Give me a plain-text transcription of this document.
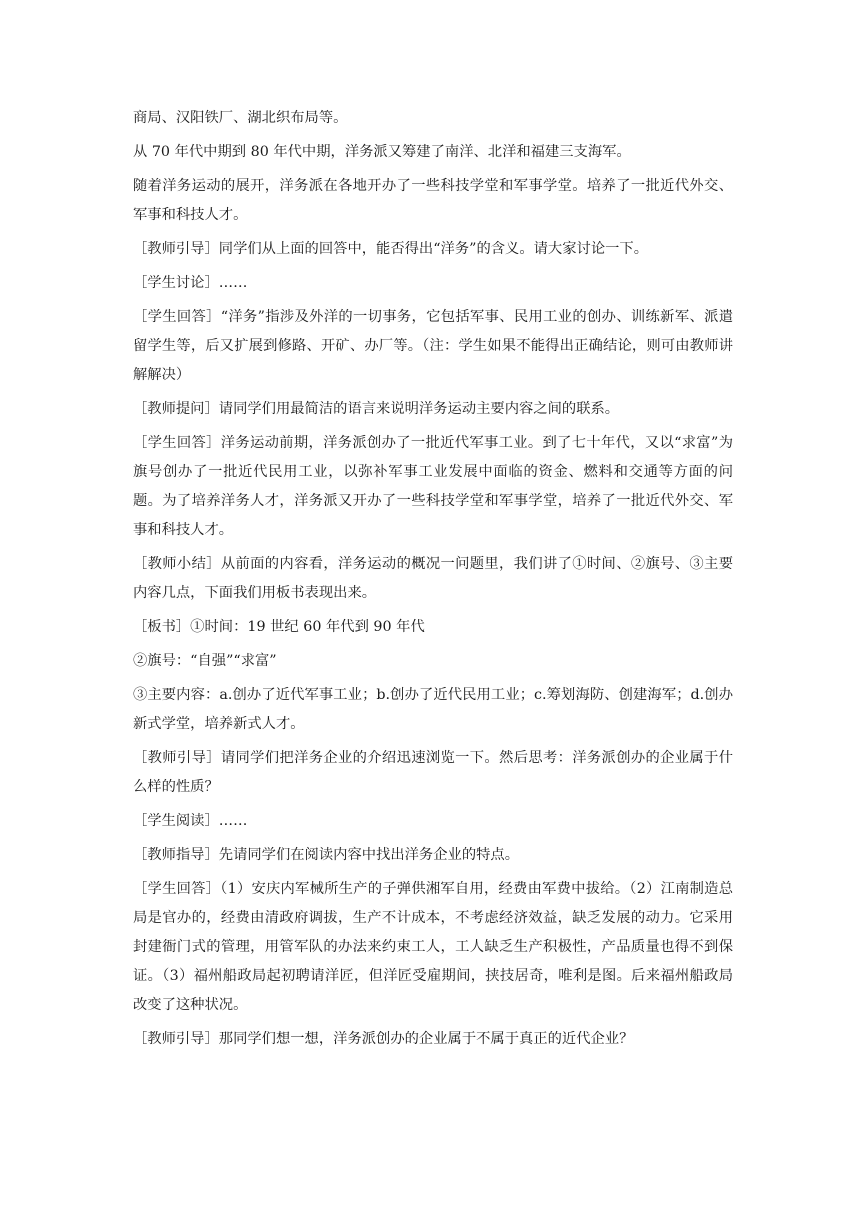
商局、汉阳铁厂、湖北织布局等。

从 70 年代中期到 80 年代中期，洋务派又筹建了南洋、北洋和福建三支海军。

随着洋务运动的展开，洋务派在各地开办了一些科技学堂和军事学堂。培养了一批近代外交、军事和科技人才。

［教师引导］同学们从上面的回答中，能否得出“洋务”的含义。请大家讨论一下。

［学生讨论］……

［学生回答］“洋务”指涉及外洋的一切事务，它包括军事、民用工业的创办、训练新军、派遣留学生等，后又扩展到修路、开矿、办厂等。（注：学生如果不能得出正确结论，则可由教师讲解解决）

［教师提问］请同学们用最简洁的语言来说明洋务运动主要内容之间的联系。

［学生回答］洋务运动前期，洋务派创办了一批近代军事工业。到了七十年代，又以“求富”为旗号创办了一批近代民用工业，以弥补军事工业发展中面临的资金、燃料和交通等方面的问题。为了培养洋务人才，洋务派又开办了一些科技学堂和军事学堂，培养了一批近代外交、军事和科技人才。

［教师小结］从前面的内容看，洋务运动的概况一问题里，我们讲了①时间、②旗号、③主要内容几点，下面我们用板书表现出来。

［板书］①时间：19 世纪 60 年代到 90 年代

②旗号：“自强”“求富”

③主要内容：a.创办了近代军事工业；b.创办了近代民用工业；c.筹划海防、创建海军；d.创办新式学堂，培养新式人才。

［教师引导］请同学们把洋务企业的介绍迅速浏览一下。然后思考：洋务派创办的企业属于什么样的性质？

［学生阅读］……

［教师指导］先请同学们在阅读内容中找出洋务企业的特点。

［学生回答］（1）安庆内军械所生产的子弹供湘军自用，经费由军费中拔给。（2）江南制造总局是官办的，经费由清政府调拔，生产不计成本，不考虑经济效益，缺乏发展的动力。它采用封建衙门式的管理，用管军队的办法来约束工人，工人缺乏生产积极性，产品质量也得不到保证。（3）福州船政局起初聘请洋匠，但洋匠受雇期间，挟技居奇，唯利是图。后来福州船政局改变了这种状况。

［教师引导］那同学们想一想，洋务派创办的企业属于不属于真正的近代企业？
